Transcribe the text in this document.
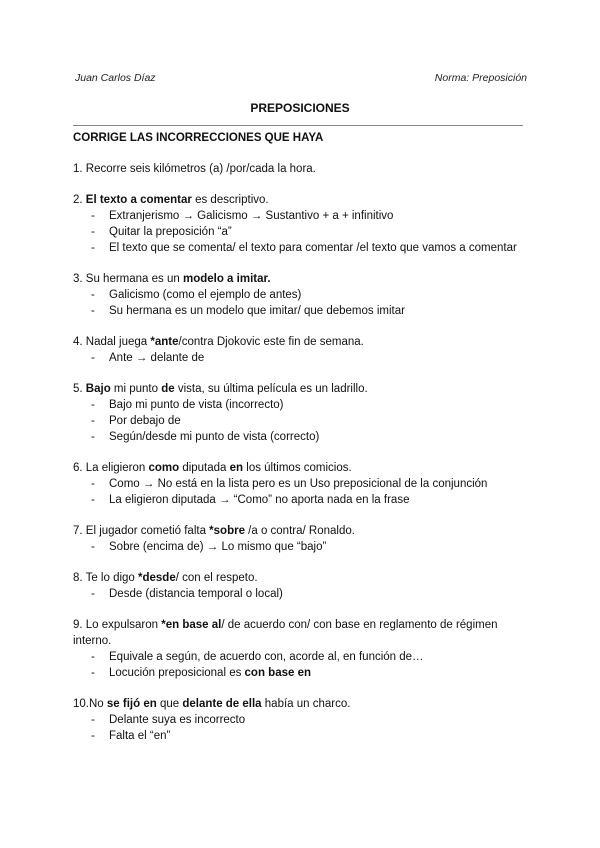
Juan Carlos Díaz	Norma: Preposición
PREPOSICIONES
CORRIGE LAS INCORRECCIONES QUE HAYA

1. Recorre seis kilómetros (a) /por/cada la hora.

2. El texto a comentar es descriptivo.

- Extranjerismo → Galicismo → Sustantivo + a + infinitivo
- Quitar la preposición “a”
- El texto que se comenta/ el texto para comentar /el texto que vamos a comentar

3. Su hermana es un modelo a imitar.

- Galicismo (como el ejemplo de antes)
- Su hermana es un modelo que imitar/ que debemos imitar

4. Nadal juega *ante/contra Djokovic este fin de semana.

- Ante → delante de

5. Bajo mi punto de vista, su última película es un ladrillo.

- Bajo mi punto de vista (incorrecto)
- Por debajo de
- Según/desde mi punto de vista (correcto)

6. La eligieron como diputada en los últimos comicios.

- Como → No está en la lista pero es un Uso preposicional de la conjunción
- La eligieron diputada → “Como” no aporta nada en la frase

7. El jugador cometió falta *sobre /a o contra/ Ronaldo.

- Sobre (encima de) → Lo mismo que “bajo”

8. Te lo digo *desde/ con el respeto.

- Desde (distancia temporal o local)

9. Lo expulsaron *en base al/ de acuerdo con/ con base en reglamento de régimen interno.

- Equivale a según, de acuerdo con, acorde al, en función de…
- Locución preposicional es con base en

10.No se fijó en que delante de ella había un charco.

- Delante suya es incorrecto
- Falta el “en”
